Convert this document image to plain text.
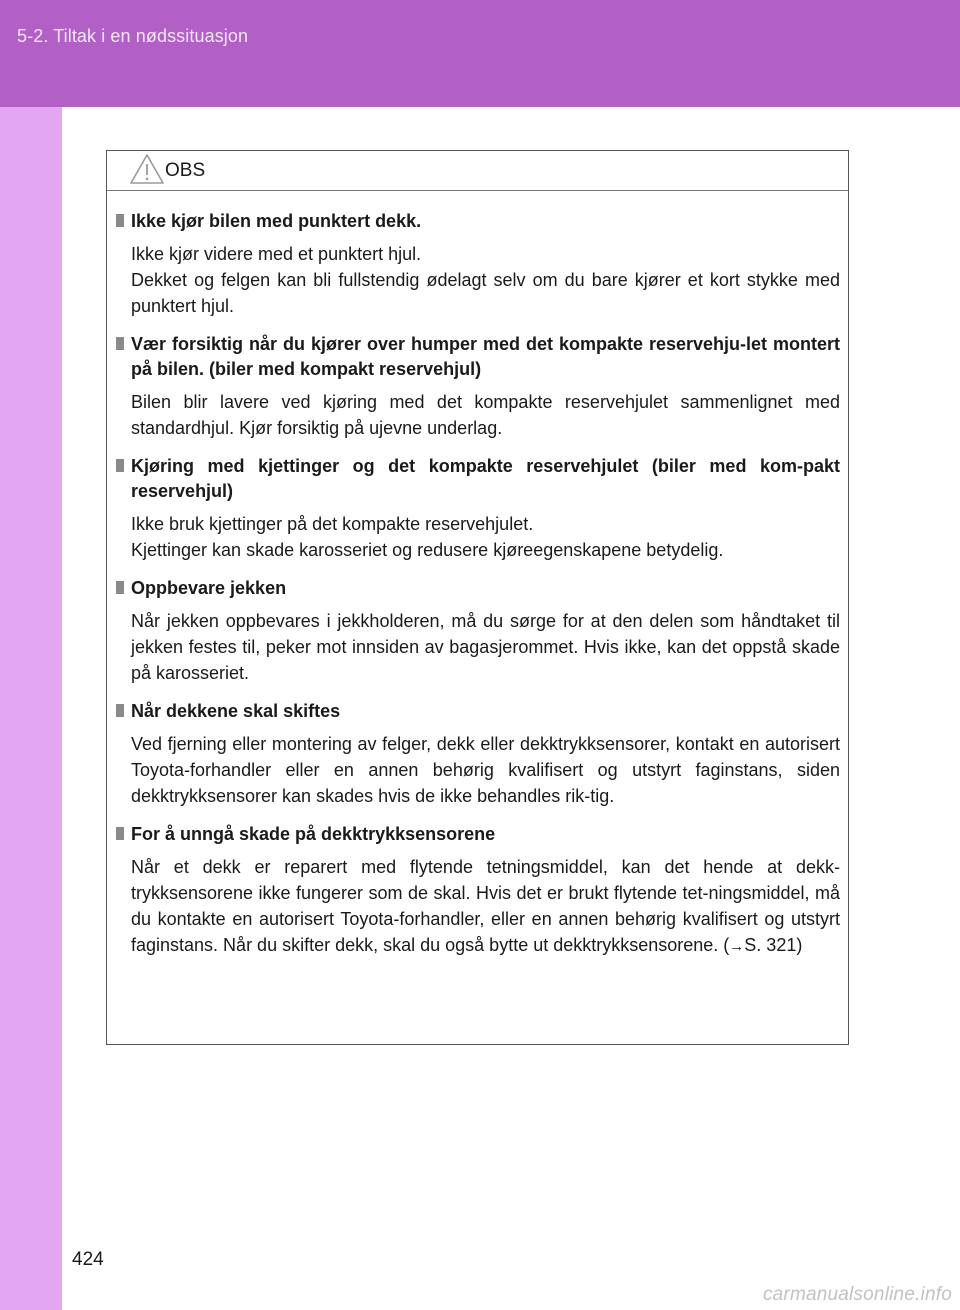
5-2. Tiltak i en nødssituasjon
OBS
Ikke kjør bilen med punktert dekk.
Ikke kjør videre med et punktert hjul.
Dekket og felgen kan bli fullstendig ødelagt selv om du bare kjører et kort stykke med punktert hjul.
Vær forsiktig når du kjører over humper med det kompakte reservehju-let montert på bilen. (biler med kompakt reservehjul)
Bilen blir lavere ved kjøring med det kompakte reservehjulet sammenlignet med standardhjul. Kjør forsiktig på ujevne underlag.
Kjøring med kjettinger og det kompakte reservehjulet (biler med kom-pakt reservehjul)
Ikke bruk kjettinger på det kompakte reservehjulet.
Kjettinger kan skade karosseriet og redusere kjøreegenskapene betydelig.
Oppbevare jekken
Når jekken oppbevares i jekkholderen, må du sørge for at den delen som håndtaket til jekken festes til, peker mot innsiden av bagasjerommet. Hvis ikke, kan det oppstå skade på karosseriet.
Når dekkene skal skiftes
Ved fjerning eller montering av felger, dekk eller dekktrykksensorer, kontakt en autorisert Toyota-forhandler eller en annen behørig kvalifisert og utstyrt faginstans, siden dekktrykksensorer kan skades hvis de ikke behandles rik-tig.
For å unngå skade på dekktrykksensorene
Når et dekk er reparert med flytende tetningsmiddel, kan det hende at dekk-trykksensorene ikke fungerer som de skal. Hvis det er brukt flytende tet-ningsmiddel, må du kontakte en autorisert Toyota-forhandler, eller en annen behørig kvalifisert og utstyrt faginstans. Når du skifter dekk, skal du også bytte ut dekktrykksensorene. (→S. 321)
424
carmanualsonline.info
